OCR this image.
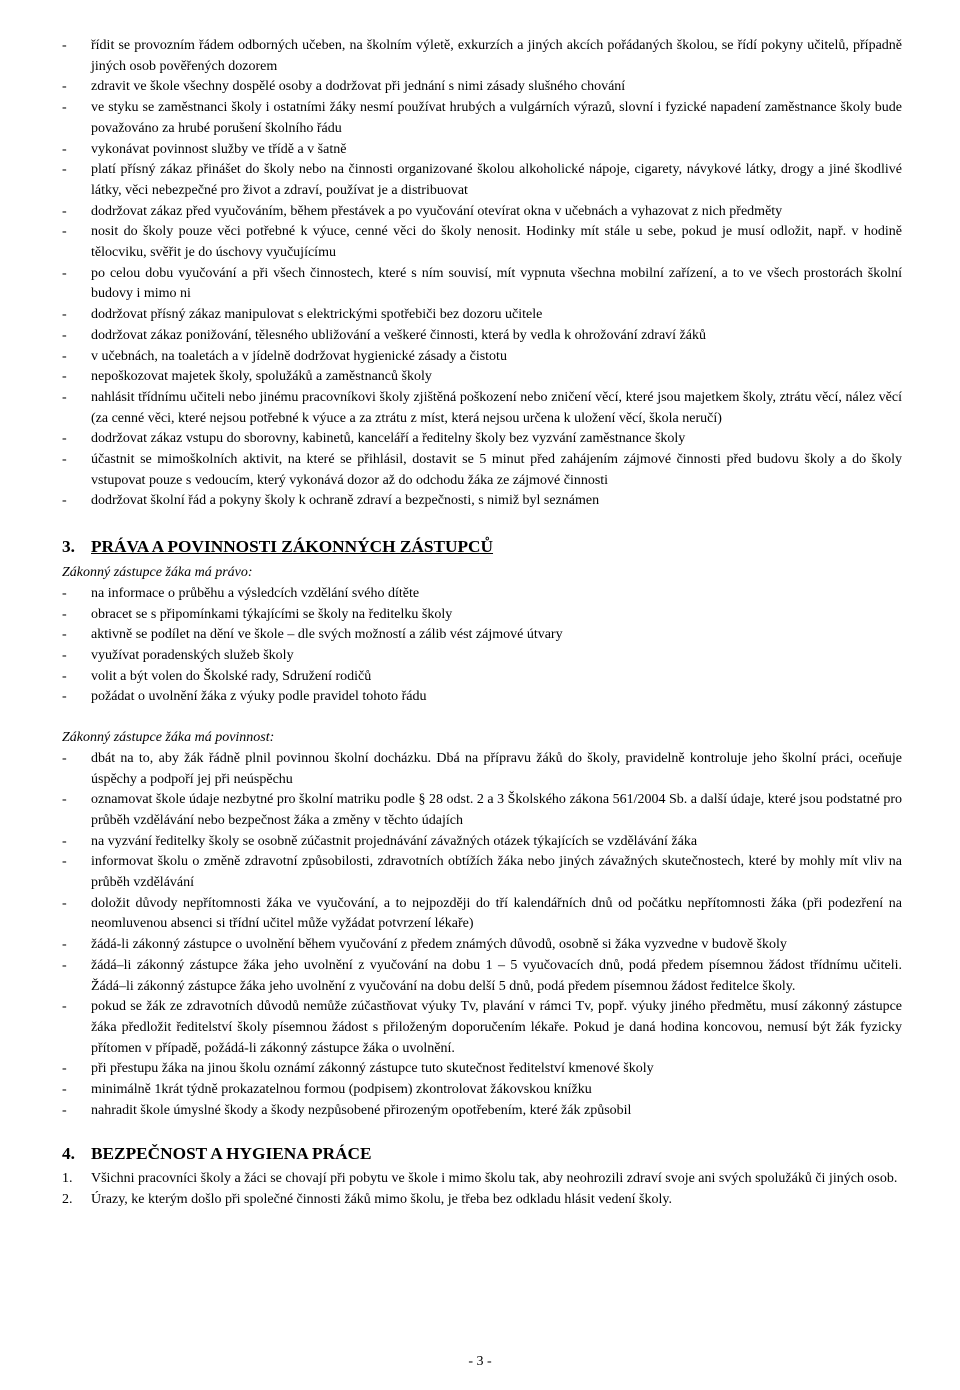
-	řídit se provozním řádem odborných učeben, na školním výletě, exkurzích a jiných akcích pořádaných školou, se řídí pokyny učitelů, případně jiných osob pověřených dozorem
-	zdravit ve škole všechny dospělé osoby a dodržovat při jednání s nimi zásady slušného chování
-	ve styku se zaměstnanci školy i ostatními žáky nesmí používat hrubých a vulgárních výrazů, slovní i fyzické napadení zaměstnance školy bude považováno za hrubé porušení školního řádu
-	vykonávat povinnost služby ve třídě a v šatně
-	platí přísný zákaz přinášet do školy nebo na činnosti organizované školou alkoholické nápoje, cigarety, návykové látky, drogy a jiné škodlivé látky, věci nebezpečné pro život a zdraví, používat je a distribuovat
-	dodržovat zákaz před vyučováním, během přestávek a po vyučování otevírat okna v učebnách a vyhazovat z nich předměty
-	nosit do školy pouze věci potřebné k výuce, cenné věci do školy nenosit. Hodinky mít stále u sebe, pokud je musí odložit, např. v hodině tělocviku, svěřit je do úschovy vyučujícímu
-	po celou dobu vyučování a při všech činnostech, které s ním souvisí, mít vypnuta všechna mobilní zařízení, a to ve všech prostorách školní budovy i mimo ni
-	dodržovat přísný zákaz manipulovat s elektrickými spotřebiči bez dozoru učitele
-	dodržovat zákaz ponižování, tělesného ubližování a veškeré činnosti, která by vedla k ohrožování zdraví žáků
-	v učebnách, na toaletách a v jídelně dodržovat hygienické zásady a čistotu
-	nepoškozovat majetek školy, spolužáků a zaměstnanců školy
-	nahlásit třídnímu učiteli nebo jinému pracovníkovi školy zjištěná poškození nebo zničení věcí, které jsou majetkem školy, ztrátu věcí, nález věcí (za cenné věci, které nejsou potřebné k výuce a za ztrátu z míst, která nejsou určena k uložení věcí, škola neručí)
-	dodržovat zákaz vstupu do sborovny, kabinetů, kanceláří a ředitelny školy bez vyzvání zaměstnance školy
-	účastnit se mimoškolních aktivit, na které se přihlásil, dostavit se 5 minut před zahájením zájmové činnosti před budovu školy a do školy vstupovat pouze s vedoucím, který vykonává dozor až do odchodu žáka ze zájmové činnosti
-	dodržovat školní řád a pokyny školy k ochraně zdraví a bezpečnosti, s nimiž byl seznámen
3. PRÁVA A POVINNOSTI ZÁKONNÝCH ZÁSTUPCŮ
Zákonný zástupce žáka má právo:
-	na informace o průběhu a výsledcích vzdělání svého dítěte
-	obracet se s připomínkami týkajícími se školy na ředitelku školy
-	aktivně se podílet na dění ve škole – dle svých možností a zálib vést zájmové útvary
-	využívat poradenských služeb školy
-	volit a být volen do Školské rady, Sdružení rodičů
-	požádat o uvolnění žáka z výuky podle pravidel tohoto řádu
Zákonný zástupce žáka má povinnost:
-	dbát na to, aby žák řádně plnil povinnou školní docházku. Dbá na přípravu žáků do školy, pravidelně kontroluje jeho školní práci, oceňuje úspěchy a podpoří jej při neúspěchu
-	oznamovat škole údaje nezbytné pro školní matriku podle § 28 odst. 2 a 3 Školského zákona 561/2004 Sb. a další údaje, které jsou podstatné pro průběh vzdělávání nebo bezpečnost žáka a změny v těchto údajích
-	na vyzvání ředitelky školy se osobně zúčastnit projednávání závažných otázek týkajících se vzdělávání žáka
-	informovat školu o změně zdravotní způsobilosti, zdravotních obtížích žáka nebo jiných závažných skutečnostech, které by mohly mít vliv na průběh vzdělávání
-	doložit důvody nepřítomnosti žáka ve vyučování, a to nejpozději do tří kalendářních dnů od počátku nepřítomnosti žáka (při podezření na neomluvenou absenci si třídní učitel může vyžádat potvrzení lékaře)
-	žádá-li zákonný zástupce o uvolnění během vyučování z předem známých důvodů, osobně si žáka vyzvedne v budově školy
-	žádá–li zákonný zástupce žáka jeho uvolnění z vyučování na dobu 1 – 5 vyučovacích dnů, podá předem písemnou žádost třídnímu učiteli. Žádá–li zákonný zástupce žáka jeho uvolnění z vyučování na dobu delší 5 dnů, podá předem písemnou žádost ředitelce školy.
-	pokud se žák ze zdravotních důvodů nemůže zúčastňovat výuky Tv, plavání v rámci Tv, popř. výuky jiného předmětu, musí zákonný zástupce žáka předložit ředitelství školy písemnou žádost s přiloženým doporučením lékaře. Pokud je daná hodina koncovou, nemusí být žák fyzicky přítomen v případě, požádá-li zákonný zástupce žáka o uvolnění.
-	při přestupu žáka na jinou školu oznámí zákonný zástupce tuto skutečnost ředitelství kmenové školy
-	minimálně 1krát týdně prokazatelnou formou (podpisem) zkontrolovat žákovskou knížku
-	nahradit škole úmyslné škody a škody nezpůsobené přirozeným opotřebením, které žák způsobil
4. BEZPEČNOST A HYGIENA PRÁCE
1.	Všichni pracovníci školy a žáci se chovají při pobytu ve škole i mimo školu tak, aby neohrozili zdraví svoje ani svých spolužáků či jiných osob.
2.	Úrazy, ke kterým došlo při společné činnosti žáků mimo školu, je třeba bez odkladu hlásit vedení školy.
- 3 -
